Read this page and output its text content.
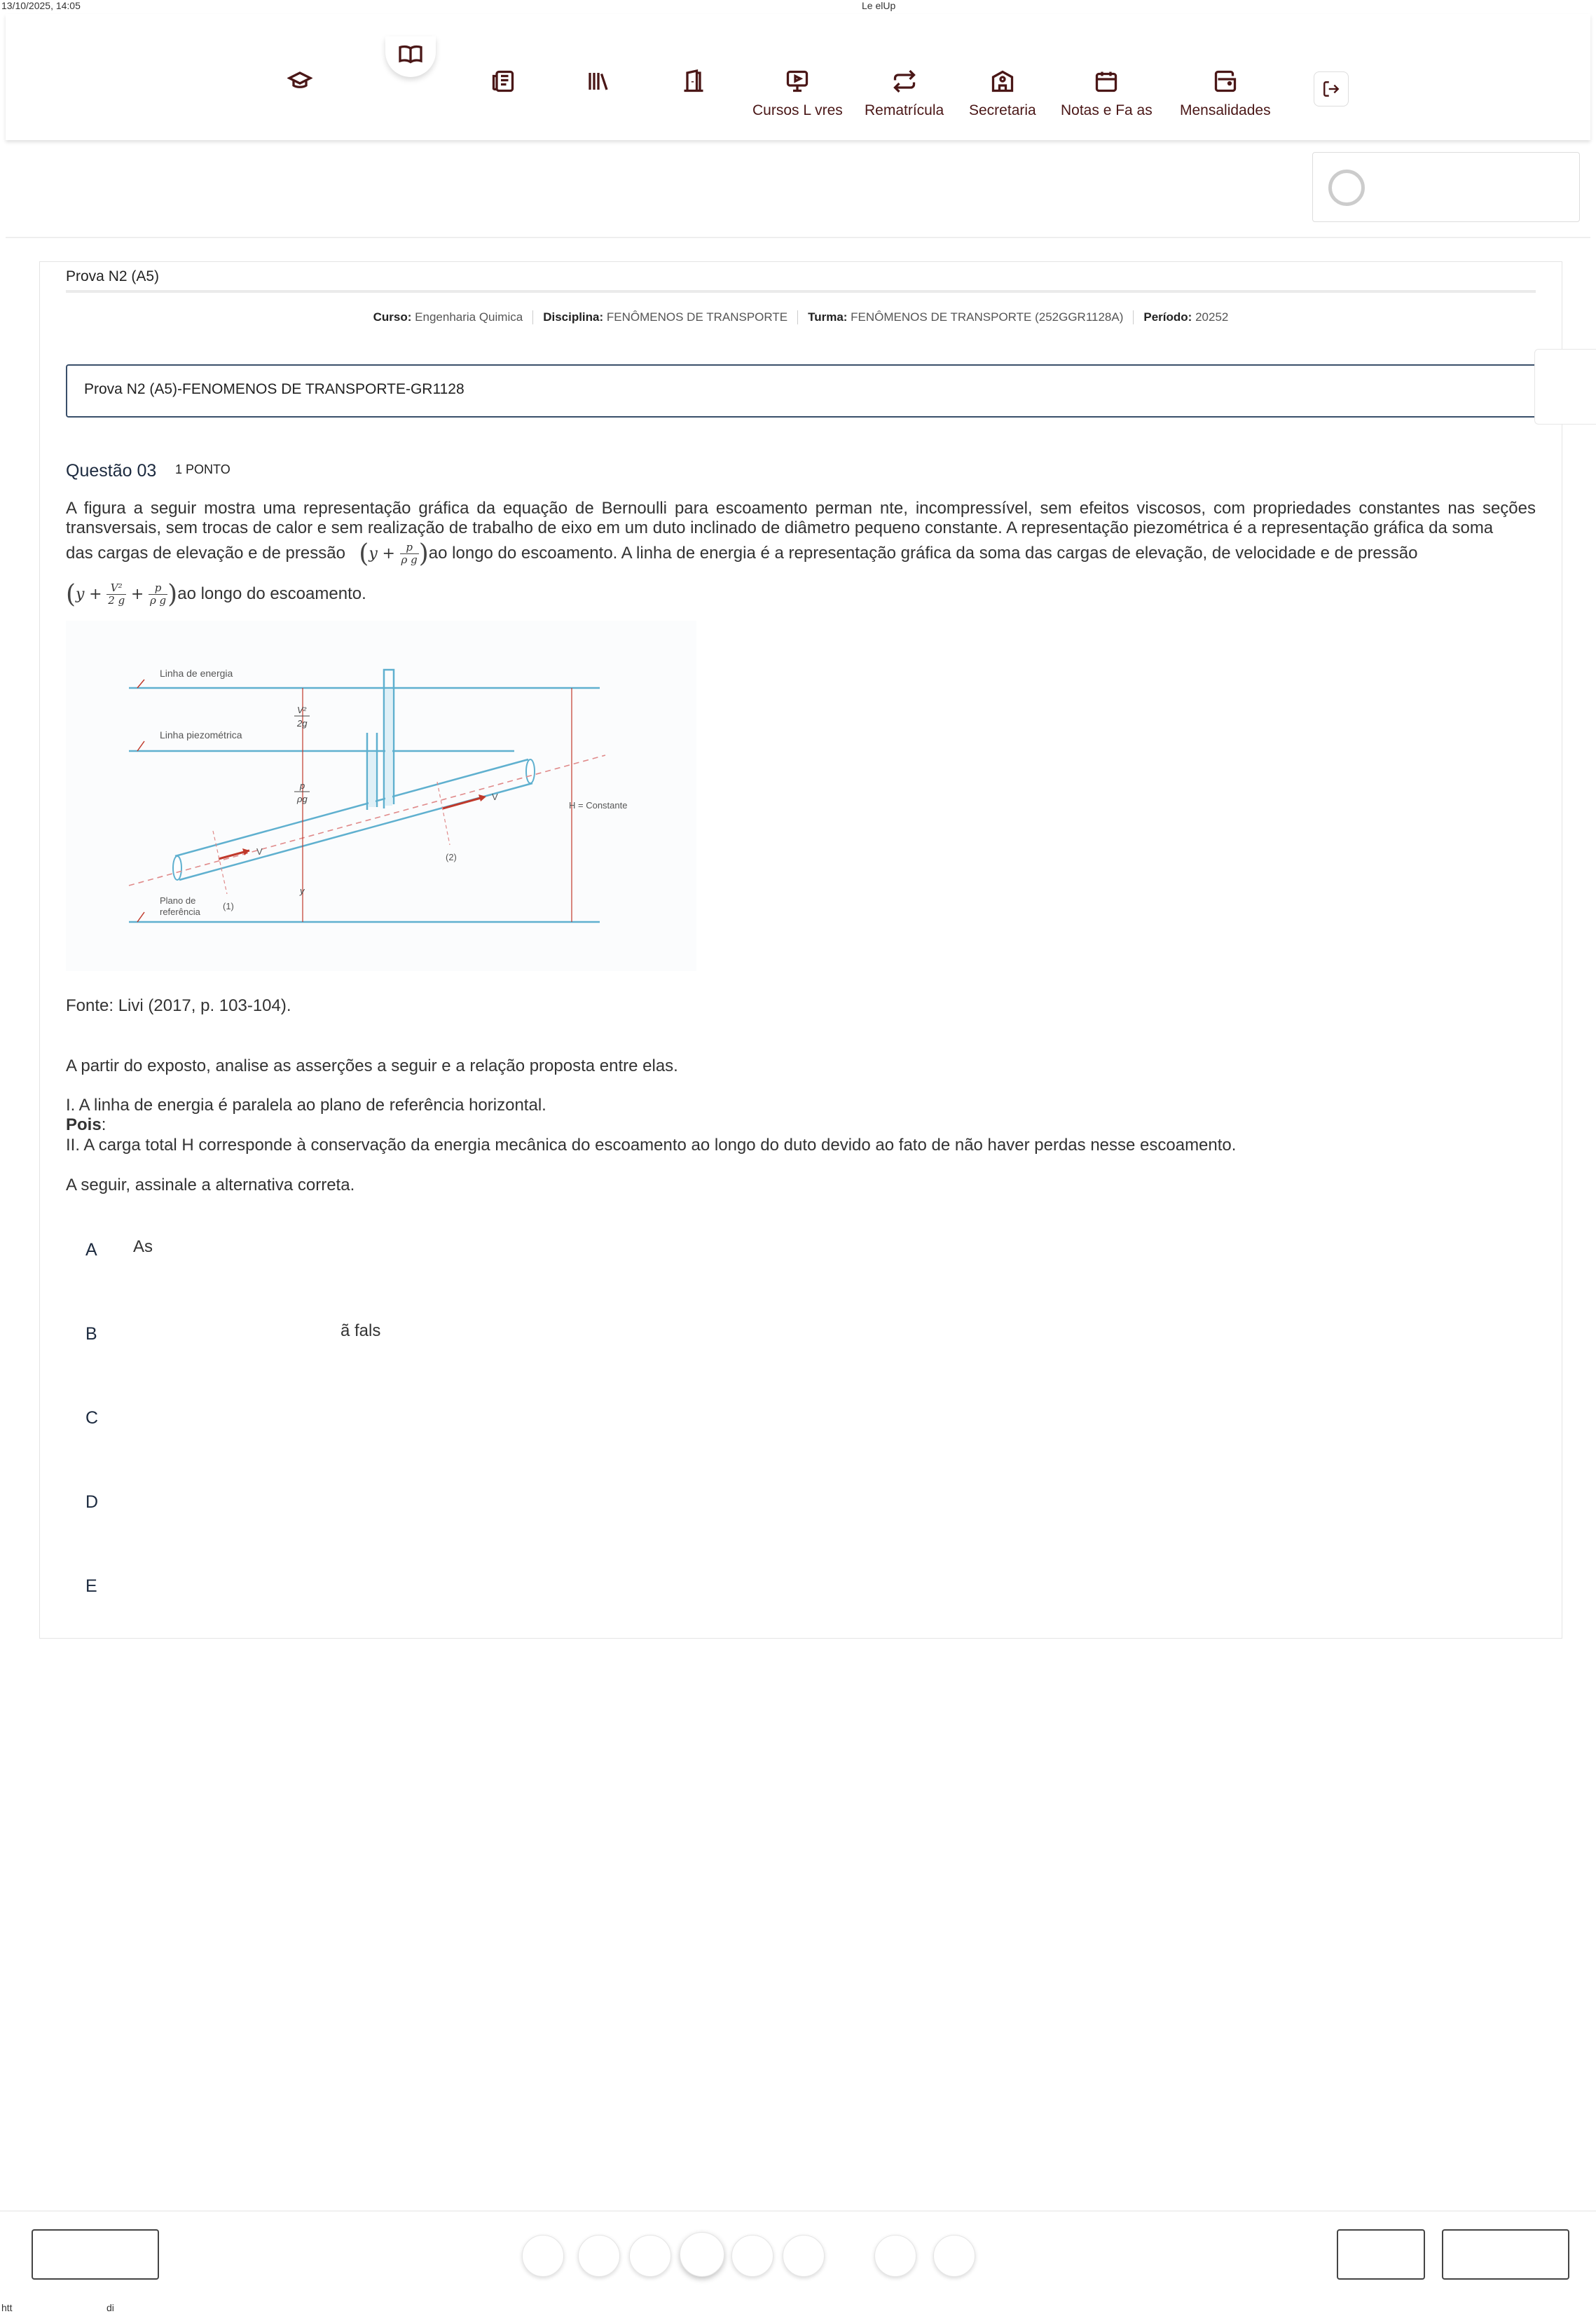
13/10/2025, 14:05	Le elUp
Cursos L vres Rematrícula Secretaria Notas e Fa as Mensalidades
Prova N2 (A5)
Curso: Engenharia Quimica	Disciplina: FENÔMENOS DE TRANSPORTE	Turma: FENÔMENOS DE TRANSPORTE (252GGR1128A)	Período: 20252
Prova N2 (A5)-FENOMENOS DE TRANSPORTE-GR1128
Questão 03 1 PONTO
A figura a seguir mostra uma representação gráfica da equação de Bernoulli para escoamento perman nte, incompressível, sem efeitos viscosos, com propriedades constantes nas seções transversais, sem trocas de calor e sem realização de trabalho de eixo em um duto inclinado de diâmetro pequeno constante. A representação piezométrica é a representação gráfica da soma
das cargas de elevação e de pressão $(y + \frac{p}{\text{ρ g}} )ao$ longo do escoamento. A linha de energia é a representação gráfica da soma das cargas de elevação, de velocidade e de pressão
$(y + \frac{\text{V²}}{2 g} + \frac{p}{\text{ρ g}} )ao$ longo do escoamento.
Linha de energia
Linha piezométrica
Plano de
referência
V
V
V²
2g
p
ρg
y
(1)
(2)
H = Constante
Fonte: Livi (2017, p. 103-104).
A partir do exposto, analise as asserções a seguir e a relação proposta entre elas.
I. A linha de energia é paralela ao plano de referência horizontal.
Pois:
II. A carga total H corresponde à conservação da energia mecânica do escoamento ao longo do duto devido ao fato de não haver perdas nesse escoamento.
A seguir, assinale a alternativa correta.
A As
B	ã fals
C
D
E
htt	di
